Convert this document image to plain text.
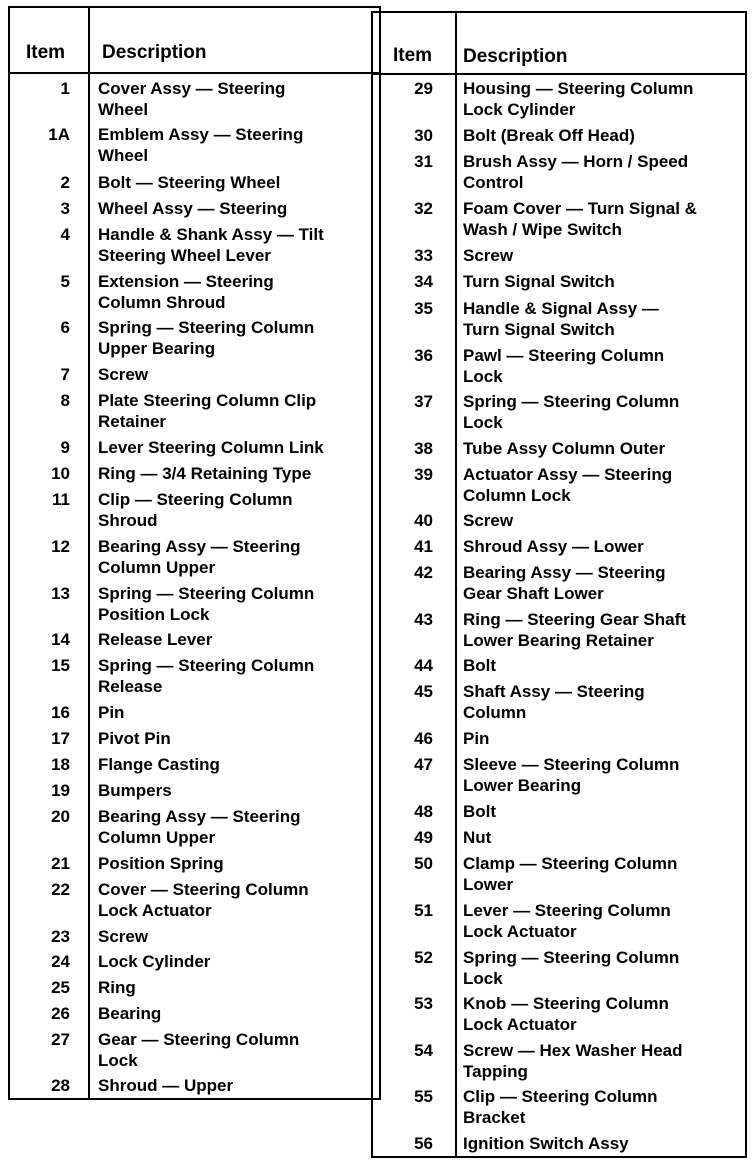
Item Description
1 Cover Assy — Steering
Wheel
1A Emblem Assy — Steering
Wheel
2 Bolt — Steering Wheel
3 Wheel Assy — Steering
4 Handle & Shank Assy — Tilt
Steering Wheel Lever
5 Extension — Steering
Column Shroud
6 Spring — Steering Column
Upper Bearing
7 Screw
8 Plate Steering Column Clip
Retainer
9 Lever Steering Column Link
10 Ring — 3/4 Retaining Type
11 Clip — Steering Column
Shroud
12 Bearing Assy — Steering
Column Upper
13 Spring — Steering Column
Position Lock
14 Release Lever
15 Spring — Steering Column
Release
16 Pin
17 Pivot Pin
18 Flange Casting
19 Bumpers
20 Bearing Assy — Steering
Column Upper
21 Position Spring
22 Cover — Steering Column
Lock Actuator
23 Screw
24 Lock Cylinder
25 Ring
26 Bearing
27 Gear — Steering Column
Lock
28 Shroud — Upper
Item Description
29 Housing — Steering Column
Lock Cylinder
30 Bolt (Break Off Head)
31 Brush Assy — Horn / Speed
Control
32 Foam Cover — Turn Signal &
Wash / Wipe Switch
33 Screw
34 Turn Signal Switch
35 Handle & Signal Assy —
Turn Signal Switch
36 Pawl — Steering Column
Lock
37 Spring — Steering Column
Lock
38 Tube Assy Column Outer
39 Actuator Assy — Steering
Column Lock
40 Screw
41 Shroud Assy — Lower
42 Bearing Assy — Steering
Gear Shaft Lower
43 Ring — Steering Gear Shaft
Lower Bearing Retainer
44 Bolt
45 Shaft Assy — Steering
Column
46 Pin
47 Sleeve — Steering Column
Lower Bearing
48 Bolt
49 Nut
50 Clamp — Steering Column
Lower
51 Lever — Steering Column
Lock Actuator
52 Spring — Steering Column
Lock
53 Knob — Steering Column
Lock Actuator
54 Screw — Hex Washer Head
Tapping
55 Clip — Steering Column
Bracket
56 Ignition Switch Assy
